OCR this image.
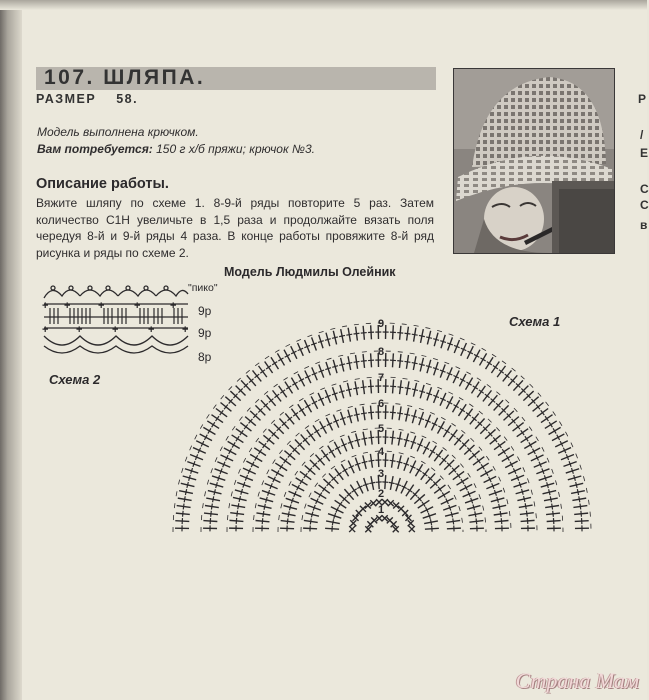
107. ШЛЯПА.
РАЗМЕР 58.
Модель выполнена крючком.
Вам потребуется: 150 г х/б пряжи; крючок №3.
Описание работы.
Вяжите шляпу по схеме 1. 8-9-й ряды повторите 5 раз. Затем количество С1Н увеличьте в 1,5 раза и продолжайте вязать поля чередуя 8-й и 9-й ряды 4 раза. В конце работы провяжите 8-й ряд рисунка и ряды по схеме 2.
Модель Людмилы Олейник
+ +	+	+	+
+	+	+	+	+
"пико"
9р
9р
8р
Схема 2
1
2
3
4
5
6
7
8
9	Схема 1
Р
/
Е
С
С
в
Страна Мам
